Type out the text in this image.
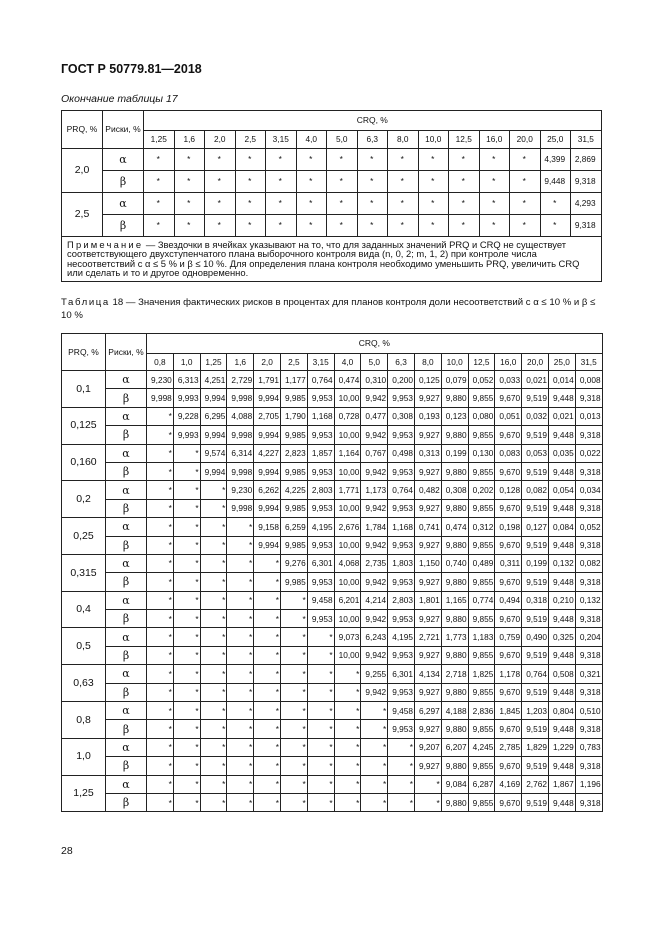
ГОСТ Р 50779.81—2018
Окончание таблицы 17
PRQ, %	Риски, %	CRQ, %														
		1,25	1,6	2,0	2,5	3,15	4,0	5,0	6,3	8,0	10,0	12,5	16,0	20,0	25,0	31,5
2,0	α	*	*	*	*	*	*	*	*	*	*	*	*	*	4,399	2,869
	β	*	*	*	*	*	*	*	*	*	*	*	*	*	9,448	9,318
2,5	α	*	*	*	*	*	*	*	*	*	*	*	*	*	*	4,293
	β	*	*	*	*	*	*	*	*	*	*	*	*	*	*	9,318
Примечание — Звездочки в ячейках указывают на то, что для заданных значений PRQ и CRQ не существует соответствующего двухступенчатого плана выборочного контроля вида (n, 0, 2; m, 1, 2) при контроле числа несоответствий с α ≤ 5 % и β ≤ 10 %. Для определения плана контроля необходимо уменьшить PRQ, увеличить CRQ или сделать и то и другое одновременно.																
Таблица 18 — Значения фактических рисков в процентах для планов контроля доли несоответствий с α ≤ 10 % и β ≤ 10 %
PRQ, %	Риски, %	CRQ, %																
		0,8	1,0	1,25	1,6	2,0	2,5	3,15	4,0	5,0	6,3	8,0	10,0	12,5	16,0	20,0	25,0	31,5
0,1	α	9,230	6,313	4,251	2,729	1,791	1,177	0,764	0,474	0,310	0,200	0,125	0,079	0,052	0,033	0,021	0,014	0,008
	β	9,998	9,993	9,994	9,998	9,994	9,985	9,953	10,00	9,942	9,953	9,927	9,880	9,855	9,670	9,519	9,448	9,318
0,125	α	*	9,228	6,295	4,088	2,705	1,790	1,168	0,728	0,477	0,308	0,193	0,123	0,080	0,051	0,032	0,021	0,013
	β	*	9,993	9,994	9,998	9,994	9,985	9,953	10,00	9,942	9,953	9,927	9,880	9,855	9,670	9,519	9,448	9,318
0,160	α	*	*	9,574	6,314	4,227	2,823	1,857	1,164	0,767	0,498	0,313	0,199	0,130	0,083	0,053	0,035	0,022
	β	*	*	9,994	9,998	9,994	9,985	9,953	10,00	9,942	9,953	9,927	9,880	9,855	9,670	9,519	9,448	9,318
0,2	α	*	*	*	9,230	6,262	4,225	2,803	1,771	1,173	0,764	0,482	0,308	0,202	0,128	0,082	0,054	0,034
	β	*	*	*	9,998	9,994	9,985	9,953	10,00	9,942	9,953	9,927	9,880	9,855	9,670	9,519	9,448	9,318
0,25	α	*	*	*	*	9,158	6,259	4,195	2,676	1,784	1,168	0,741	0,474	0,312	0,198	0,127	0,084	0,052
	β	*	*	*	*	9,994	9,985	9,953	10,00	9,942	9,953	9,927	9,880	9,855	9,670	9,519	9,448	9,318
0,315	α	*	*	*	*	*	9,276	6,301	4,068	2,735	1,803	1,150	0,740	0,489	0,311	0,199	0,132	0,082
	β	*	*	*	*	*	9,985	9,953	10,00	9,942	9,953	9,927	9,880	9,855	9,670	9,519	9,448	9,318
0,4	α	*	*	*	*	*	*	9,458	6,201	4,214	2,803	1,801	1,165	0,774	0,494	0,318	0,210	0,132
	β	*	*	*	*	*	*	9,953	10,00	9,942	9,953	9,927	9,880	9,855	9,670	9,519	9,448	9,318
0,5	α	*	*	*	*	*	*	*	9,073	6,243	4,195	2,721	1,773	1,183	0,759	0,490	0,325	0,204
	β	*	*	*	*	*	*	*	10,00	9,942	9,953	9,927	9,880	9,855	9,670	9,519	9,448	9,318
0,63	α	*	*	*	*	*	*	*	*	9,255	6,301	4,134	2,718	1,825	1,178	0,764	0,508	0,321
	β	*	*	*	*	*	*	*	*	9,942	9,953	9,927	9,880	9,855	9,670	9,519	9,448	9,318
0,8	α	*	*	*	*	*	*	*	*	*	9,458	6,297	4,188	2,836	1,845	1,203	0,804	0,510
	β	*	*	*	*	*	*	*	*	*	9,953	9,927	9,880	9,855	9,670	9,519	9,448	9,318
1,0	α	*	*	*	*	*	*	*	*	*	*	9,207	6,207	4,245	2,785	1,829	1,229	0,783
	β	*	*	*	*	*	*	*	*	*	*	9,927	9,880	9,855	9,670	9,519	9,448	9,318
1,25	α	*	*	*	*	*	*	*	*	*	*	*	9,084	6,287	4,169	2,762	1,867	1,196
	β	*	*	*	*	*	*	*	*	*	*	*	9,880	9,855	9,670	9,519	9,448	9,318
28
